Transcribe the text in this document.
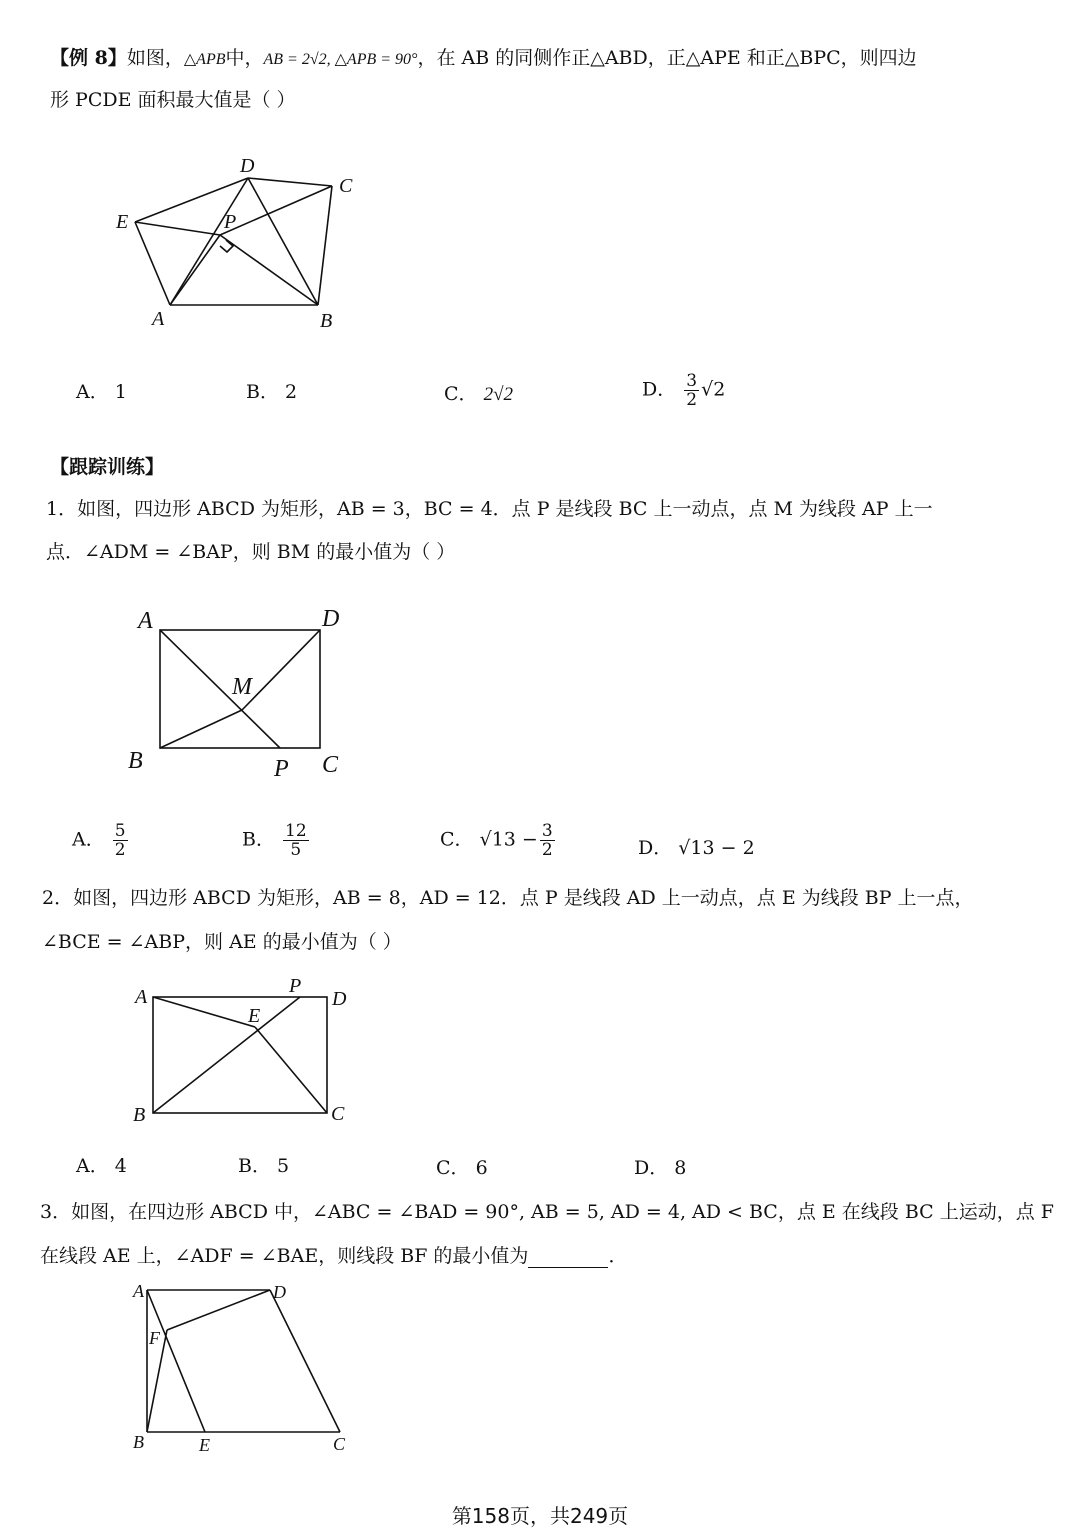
【例 8】如图，△APB中，AB = 2√2, △APB = 90°，在 AB 的同侧作正△ABD，正△APE 和正△BPC，则四边
形 PCDE 面积最大值是（ ）
D
C
E	P
A	B
A． 1	B． 2	C． 2√2	D． $\frac{3}{2} √2$
【跟踪训练】
1．如图，四边形 ABCD 为矩形，AB = 3，BC = 4．点 P 是线段 BC 上一动点，点 M 为线段 AP 上一
点．∠ADM = ∠BAP，则 BM 的最小值为（ ）
A	D
M
B	P C
A． $\frac{5}{2}$	B． $\frac{12}{5}$	C． $√13 - \frac{3}{2}$	D． √13 − 2
2．如图，四边形 ABCD 为矩形，AB = 8，AD = 12．点 P 是线段 AD 上一动点，点 E 为线段 BP 上一点，
∠BCE = ∠ABP，则 AE 的最小值为（ ）
A	P
D
E
B	C
A． 4	B． 5	C． 6	D． 8
3．如图，在四边形 ABCD 中，∠ABC = ∠BAD = 90°, AB = 5, AD = 4, AD < BC，点 E 在线段 BC 上运动，点 F
在线段 AE 上，∠ADF = ∠BAE，则线段 BF 的最小值为	．
A	D
F
B	E	C
第158页，共249页
